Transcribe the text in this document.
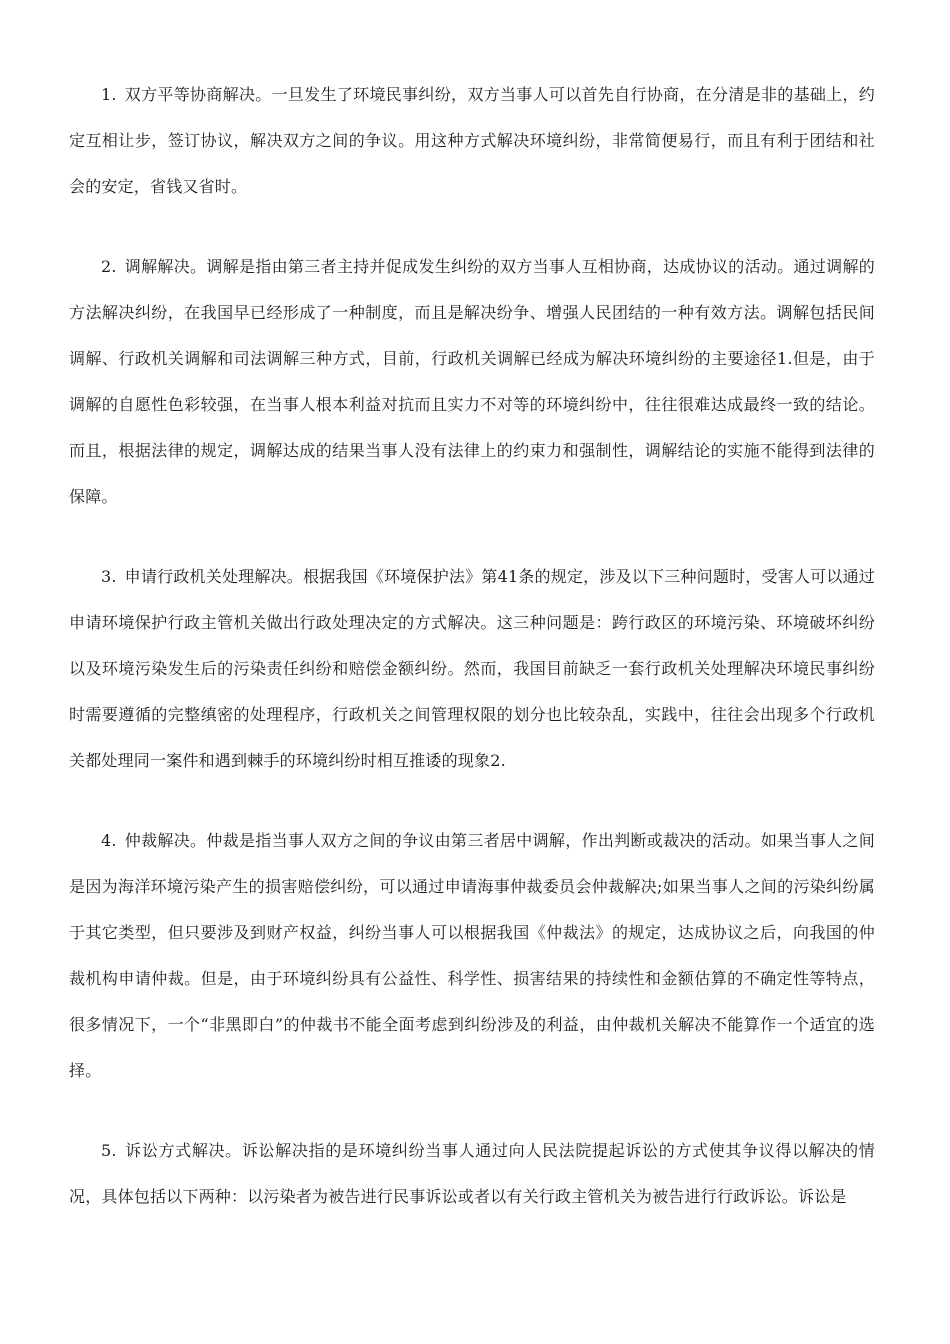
1. 双方平等协商解决。一旦发生了环境民事纠纷，双方当事人可以首先自行协商，在分清是非的基础上，约定互相让步，签订协议，解决双方之间的争议。用这种方式解决环境纠纷，非常简便易行，而且有利于团结和社会的安定，省钱又省时。

2. 调解解决。调解是指由第三者主持并促成发生纠纷的双方当事人互相协商，达成协议的活动。通过调解的方法解决纠纷，在我国早已经形成了一种制度，而且是解决纷争、增强人民团结的一种有效方法。调解包括民间调解、行政机关调解和司法调解三种方式，目前，行政机关调解已经成为解决环境纠纷的主要途径1.但是，由于调解的自愿性色彩较强，在当事人根本利益对抗而且实力不对等的环境纠纷中，往往很难达成最终一致的结论。而且，根据法律的规定，调解达成的结果当事人没有法律上的约束力和强制性，调解结论的实施不能得到法律的保障。

3. 申请行政机关处理解决。根据我国《环境保护法》第41条的规定，涉及以下三种问题时，受害人可以通过申请环境保护行政主管机关做出行政处理决定的方式解决。这三种问题是：跨行政区的环境污染、环境破坏纠纷以及环境污染发生后的污染责任纠纷和赔偿金额纠纷。然而，我国目前缺乏一套行政机关处理解决环境民事纠纷时需要遵循的完整缜密的处理程序，行政机关之间管理权限的划分也比较杂乱，实践中，往往会出现多个行政机关都处理同一案件和遇到棘手的环境纠纷时相互推诿的现象2.

4. 仲裁解决。仲裁是指当事人双方之间的争议由第三者居中调解，作出判断或裁决的活动。如果当事人之间是因为海洋环境污染产生的损害赔偿纠纷，可以通过申请海事仲裁委员会仲裁解决;如果当事人之间的污染纠纷属于其它类型，但只要涉及到财产权益，纠纷当事人可以根据我国《仲裁法》的规定，达成协议之后，向我国的仲裁机构申请仲裁。但是，由于环境纠纷具有公益性、科学性、损害结果的持续性和金额估算的不确定性等特点，很多情况下，一个“非黑即白”的仲裁书不能全面考虑到纠纷涉及的利益，由仲裁机关解决不能算作一个适宜的选择。

5. 诉讼方式解决。诉讼解决指的是环境纠纷当事人通过向人民法院提起诉讼的方式使其争议得以解决的情况，具体包括以下两种：以污染者为被告进行民事诉讼或者以有关行政主管机关为被告进行行政诉讼。诉讼是
